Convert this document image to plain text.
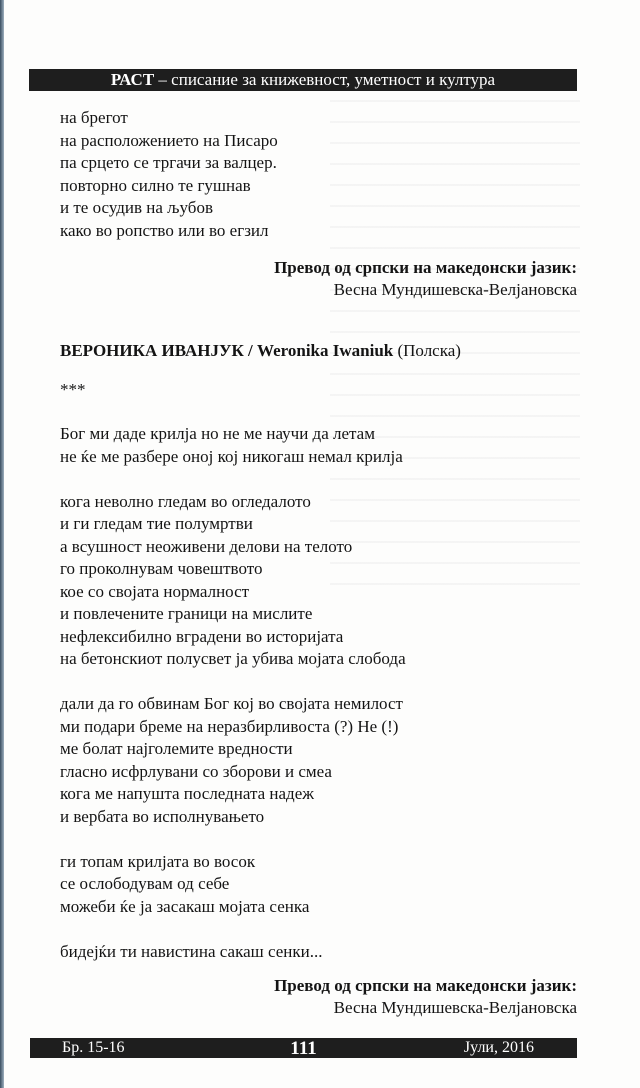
РАСТ – списание за книжевност, уметност и култура
на брегот
на расположението на Писаро
па срцето се тргачи за валцер.
повторно силно те гушнав
и те осудив на љубов
како во ропство или во егзил
Превод од српски на македонски јазик:
Весна Мундишевска-Велјановска
ВЕРОНИКА ИВАНЈУК / Weronika Iwaniuk (Полска)
***
Бог ми даде крилја но не ме научи да летам
не ќе ме разбере оној кој никогаш немал крилја
кога неволно гледам во огледалото
и ги гледам тие полумртви
а всушност неоживени делови на телото
го проколнувам човештвото
кое со својата нормалност
и повлечените граници на мислите
нефлексибилно вградени во историјата
на бетонскиот полусвет ја убива мојата слобода
дали да го обвинам Бог кој во својата немилост
ми подари бреме на неразбирливоста (?) Не (!)
ме болат најголемите вредности
гласно исфрлувани со зборови и смеа
кога ме напушта последната надеж
и вербата во исполнувањето
ги топам крилјата во восок
се ослободувам од себе
можеби ќе ја засакаш мојата сенка
бидејќи ти навистина сакаш сенки...
Превод од српски на македонски јазик:
Весна Мундишевска-Велјановска
Бр. 15-16	111	Јули, 2016
